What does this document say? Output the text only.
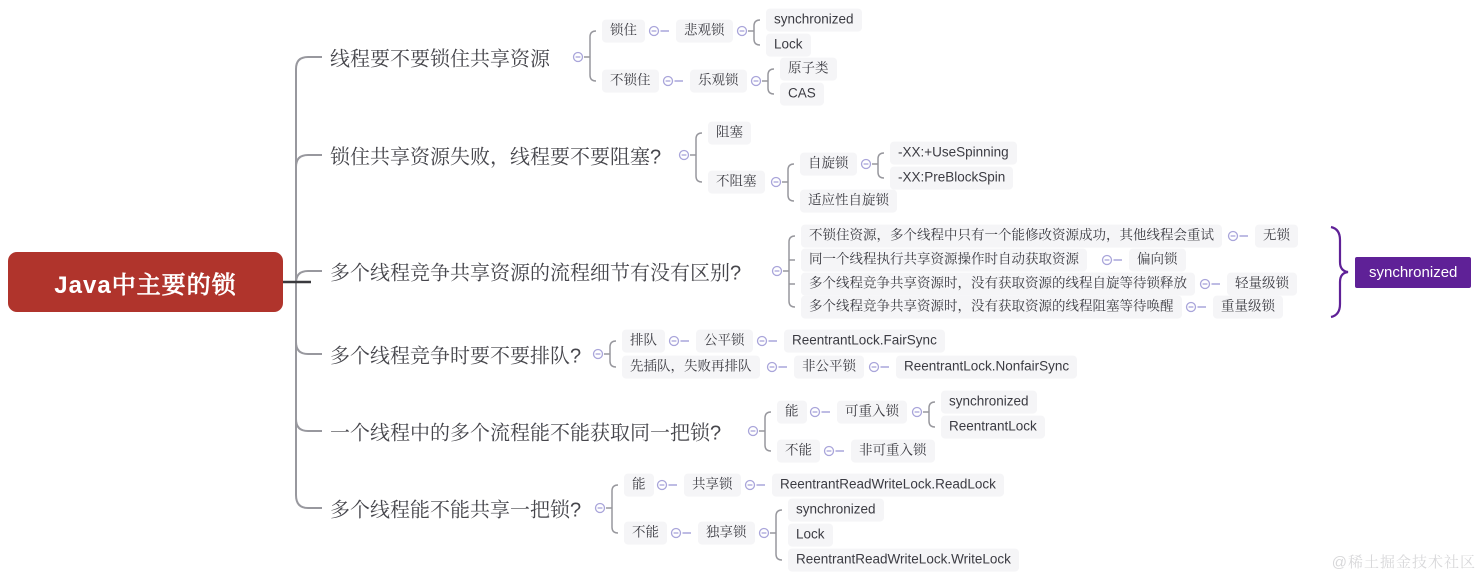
Java中主要的锁
线程要不要锁住共享资源
锁住	悲观锁
synchronized
Lock
不锁住	乐观锁
原子类
CAS
锁住共享资源失败，线程要不要阻塞?
阻塞
不阻塞
自旋锁
-XX:+UseSpinning
-XX:PreBlockSpin
适应性自旋锁
多个线程竞争共享资源的流程细节有没有区别?
不锁住资源，多个线程中只有一个能修改资源成功，其他线程会重试	无锁
同一个线程执行共享资源操作时自动获取资源	偏向锁
多个线程竞争共享资源时，没有获取资源的线程自旋等待锁释放	轻量级锁
多个线程竞争共享资源时，没有获取资源的线程阻塞等待唤醒	重量级锁
synchronized
多个线程竞争时要不要排队?
排队	公平锁	ReentrantLock.FairSync
先插队，失败再排队	非公平锁	ReentrantLock.NonfairSync
一个线程中的多个流程能不能获取同一把锁?
能	可重入锁
synchronized
ReentrantLock
不能	非可重入锁
多个线程能不能共享一把锁?
能	共享锁	ReentrantReadWriteLock.ReadLock
不能	独享锁
synchronized
Lock
ReentrantReadWriteLock.WriteLock	@稀土掘金技术社区
